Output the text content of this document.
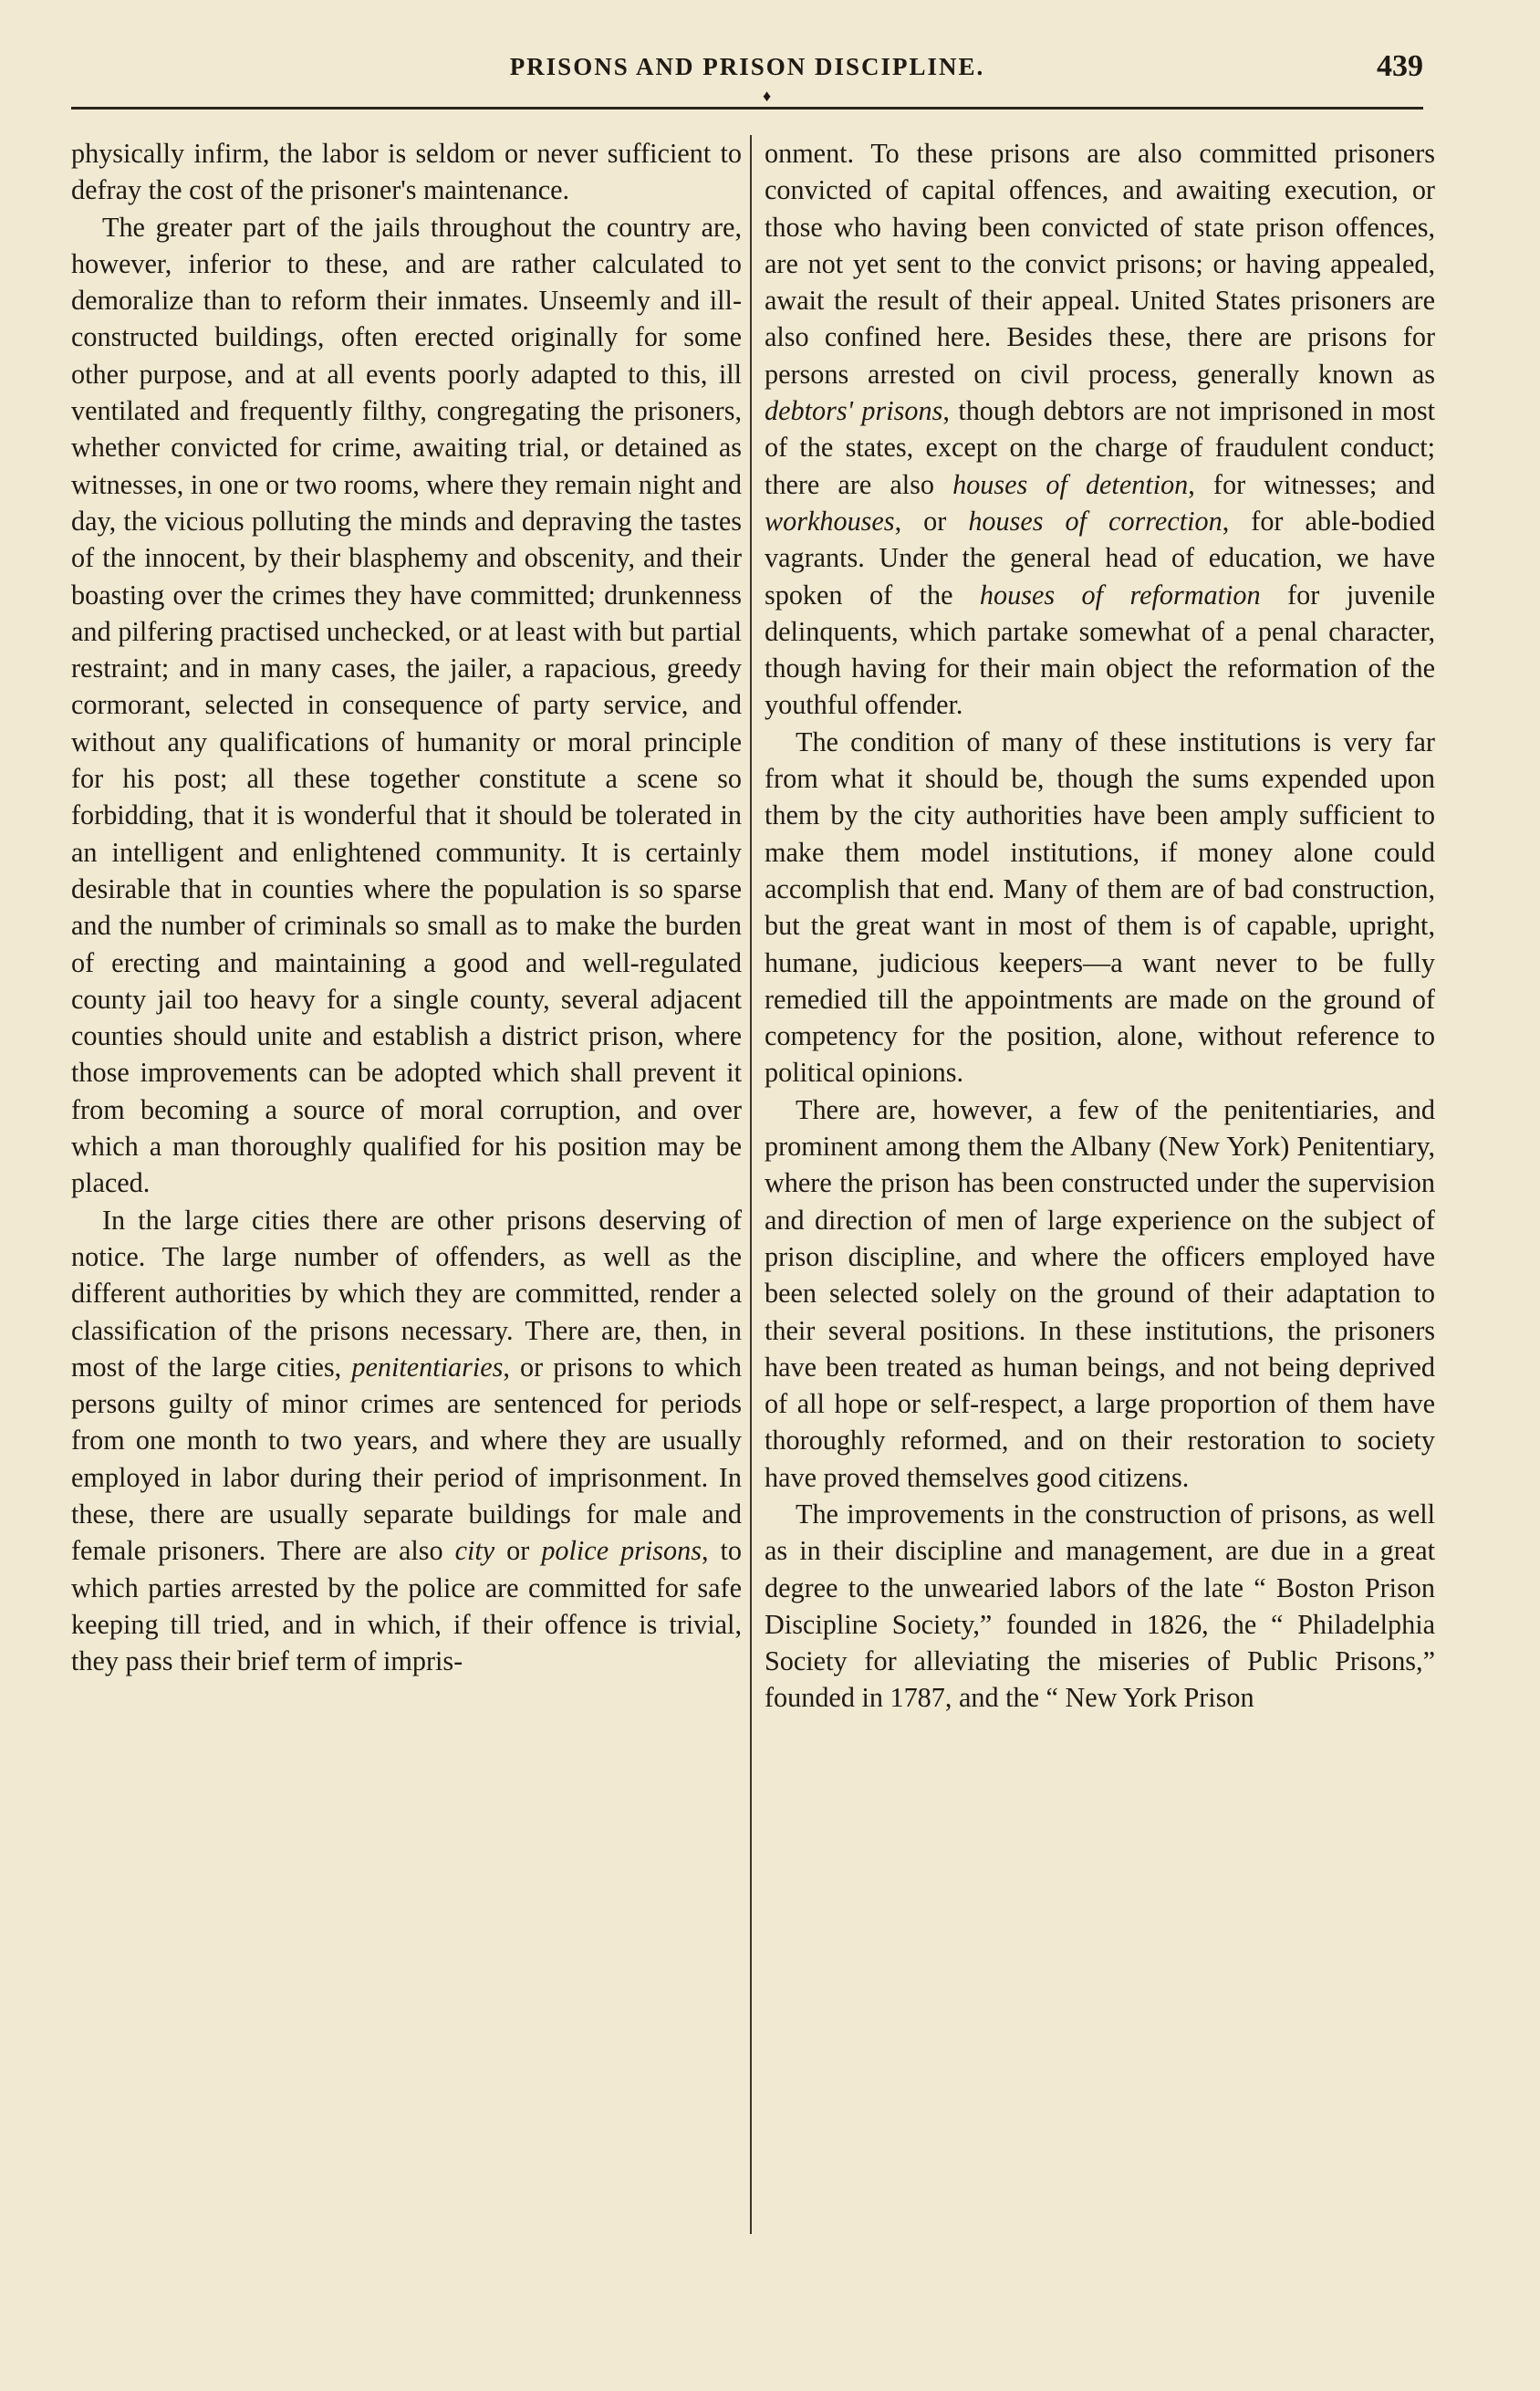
PRISONS AND PRISON DISCIPLINE.	439
♦

physically infirm, the labor is seldom or never sufficient to defray the cost of the prisoner's maintenance.

The greater part of the jails throughout the country are, however, inferior to these, and are rather calculated to demoralize than to reform their inmates. Unseemly and ill-constructed buildings, often erected originally for some other purpose, and at all events poorly adapted to this, ill ventilated and frequently filthy, congregating the prisoners, whether convicted for crime, awaiting trial, or detained as witnesses, in one or two rooms, where they remain night and day, the vicious polluting the minds and depraving the tastes of the innocent, by their blasphemy and obscenity, and their boasting over the crimes they have committed; drunkenness and pilfering practised unchecked, or at least with but partial restraint; and in many cases, the jailer, a rapacious, greedy cormorant, selected in consequence of party service, and without any qualifications of humanity or moral principle for his post; all these together constitute a scene so forbidding, that it is wonderful that it should be tolerated in an intelligent and enlightened community. It is certainly desirable that in counties where the population is so sparse and the number of criminals so small as to make the burden of erecting and maintaining a good and well-regulated county jail too heavy for a single county, several adjacent counties should unite and establish a district prison, where those improvements can be adopted which shall prevent it from becoming a source of moral corruption, and over which a man thoroughly qualified for his position may be placed.

In the large cities there are other prisons deserving of notice. The large number of offenders, as well as the different authorities by which they are committed, render a classification of the prisons necessary. There are, then, in most of the large cities, penitentiaries, or prisons to which persons guilty of minor crimes are sentenced for periods from one month to two years, and where they are usually employed in labor during their period of imprisonment. In these, there are usually separate buildings for male and female prisoners. There are also city or police prisons, to which parties arrested by the police are committed for safe keeping till tried, and in which, if their offence is trivial, they pass their brief term of impris-

onment. To these prisons are also committed prisoners convicted of capital offences, and awaiting execution, or those who having been convicted of state prison offences, are not yet sent to the convict prisons; or having appealed, await the result of their appeal. United States prisoners are also confined here. Besides these, there are prisons for persons arrested on civil process, generally known as debtors' prisons, though debtors are not imprisoned in most of the states, except on the charge of fraudulent conduct; there are also houses of detention, for witnesses; and workhouses, or houses of correction, for able-bodied vagrants. Under the general head of education, we have spoken of the houses of reformation for juvenile delinquents, which partake somewhat of a penal character, though having for their main object the reformation of the youthful offender.

The condition of many of these institutions is very far from what it should be, though the sums expended upon them by the city authorities have been amply sufficient to make them model institutions, if money alone could accomplish that end. Many of them are of bad construction, but the great want in most of them is of capable, upright, humane, judicious keepers—a want never to be fully remedied till the appointments are made on the ground of competency for the position, alone, without reference to political opinions.

There are, however, a few of the penitentiaries, and prominent among them the Albany (New York) Penitentiary, where the prison has been constructed under the supervision and direction of men of large experience on the subject of prison discipline, and where the officers employed have been selected solely on the ground of their adaptation to their several positions. In these institutions, the prisoners have been treated as human beings, and not being deprived of all hope or self-respect, a large proportion of them have thoroughly reformed, and on their restoration to society have proved themselves good citizens.

The improvements in the construction of prisons, as well as in their discipline and management, are due in a great degree to the unwearied labors of the late “ Boston Prison Discipline Society,” founded in 1826, the “ Philadelphia Society for alleviating the miseries of Public Prisons,” founded in 1787, and the “ New York Prison
